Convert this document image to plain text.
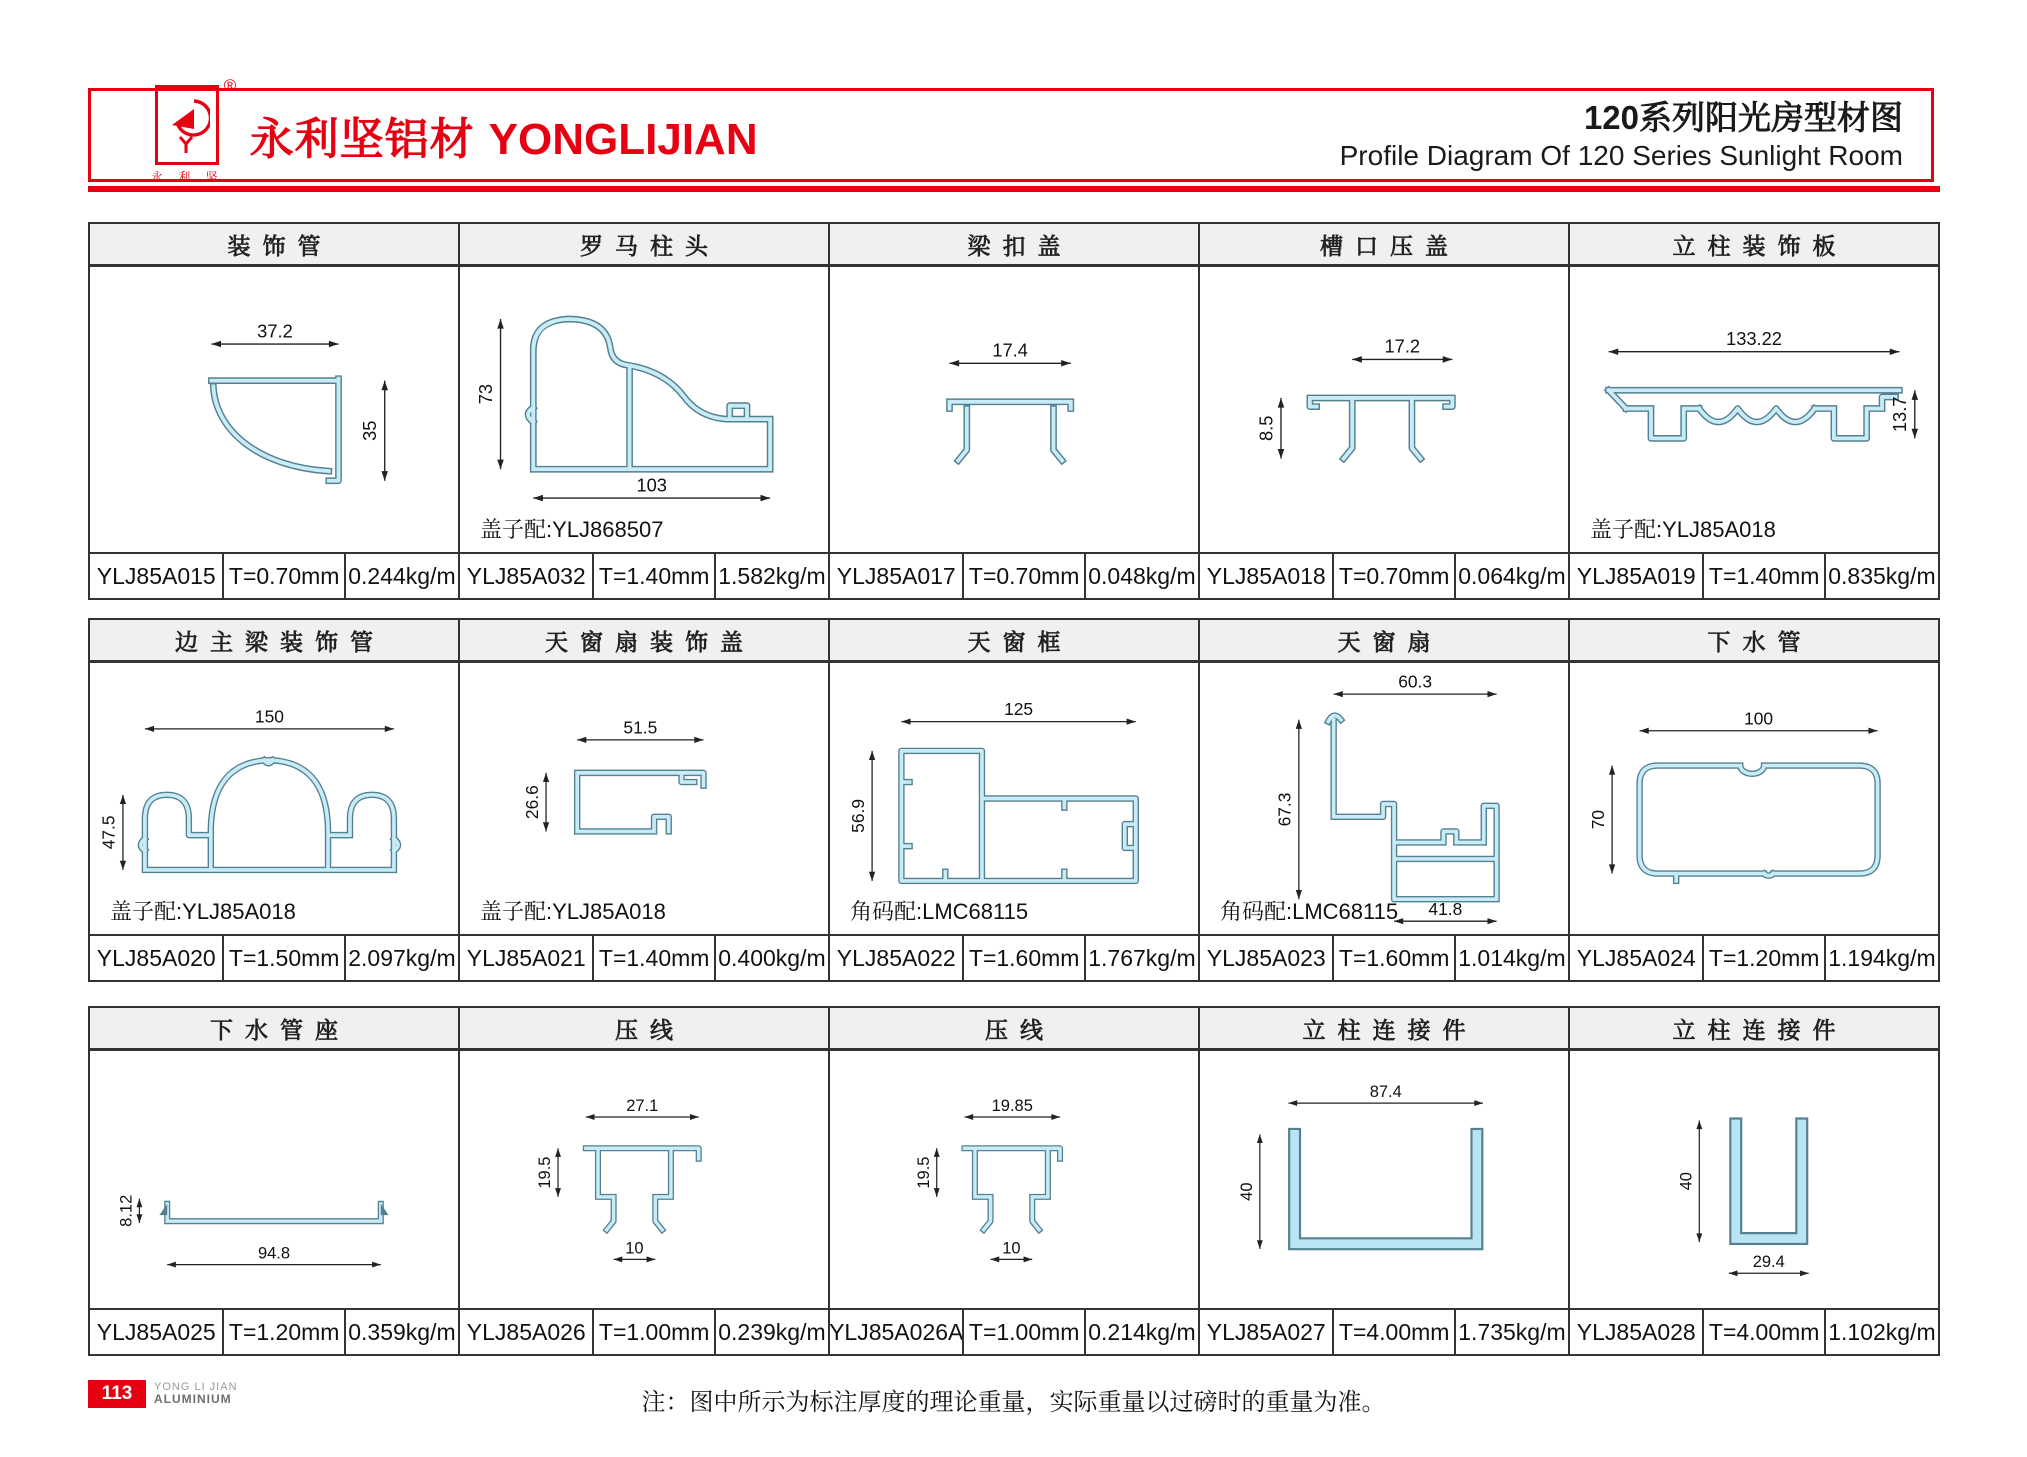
®
永 利 坚
永利坚铝材 YONGLIJIAN	120系列阳光房型材图
Profile Diagram Of 120 Series Sunlight Room
装饰管
37.2
35
YLJ85A015 T=0.70mm 0.244kg/m
罗马柱头
73
103
盖子配:YLJ868507
YLJ85A032 T=1.40mm 1.582kg/m
梁扣盖
17.4
YLJ85A017 T=0.70mm 0.048kg/m
槽口压盖
17.2
8.5
YLJ85A018 T=0.70mm 0.064kg/m
立柱装饰板
133.22
13.7
盖子配:YLJ85A018
YLJ85A019 T=1.40mm 0.835kg/m
边主梁装饰管
150
47.5
盖子配:YLJ85A018
YLJ85A020 T=1.50mm 2.097kg/m
天窗扇装饰盖
51.5
26.6
盖子配:YLJ85A018
YLJ85A021 T=1.40mm 0.400kg/m
天窗框
125
56.9
角码配:LMC68115
YLJ85A022 T=1.60mm 1.767kg/m
天窗扇
60.3
67.3
41.8
角码配:LMC68115
YLJ85A023 T=1.60mm 1.014kg/m
下水管
100
70
YLJ85A024 T=1.20mm 1.194kg/m
下水管座
8.12
94.8
YLJ85A025 T=1.20mm 0.359kg/m
压线
27.1
19.5
10
YLJ85A026 T=1.00mm 0.239kg/m
压线
19.85
19.5
10
YLJ85A026A T=1.00mm 0.214kg/m
立柱连接件
87.4
40
YLJ85A027 T=4.00mm 1.735kg/m
立柱连接件
40
29.4
YLJ85A028 T=4.00mm 1.102kg/m
113	YONG LI JIAN
ALUMINIUM	注：图中所示为标注厚度的理论重量，实际重量以过磅时的重量为准。
